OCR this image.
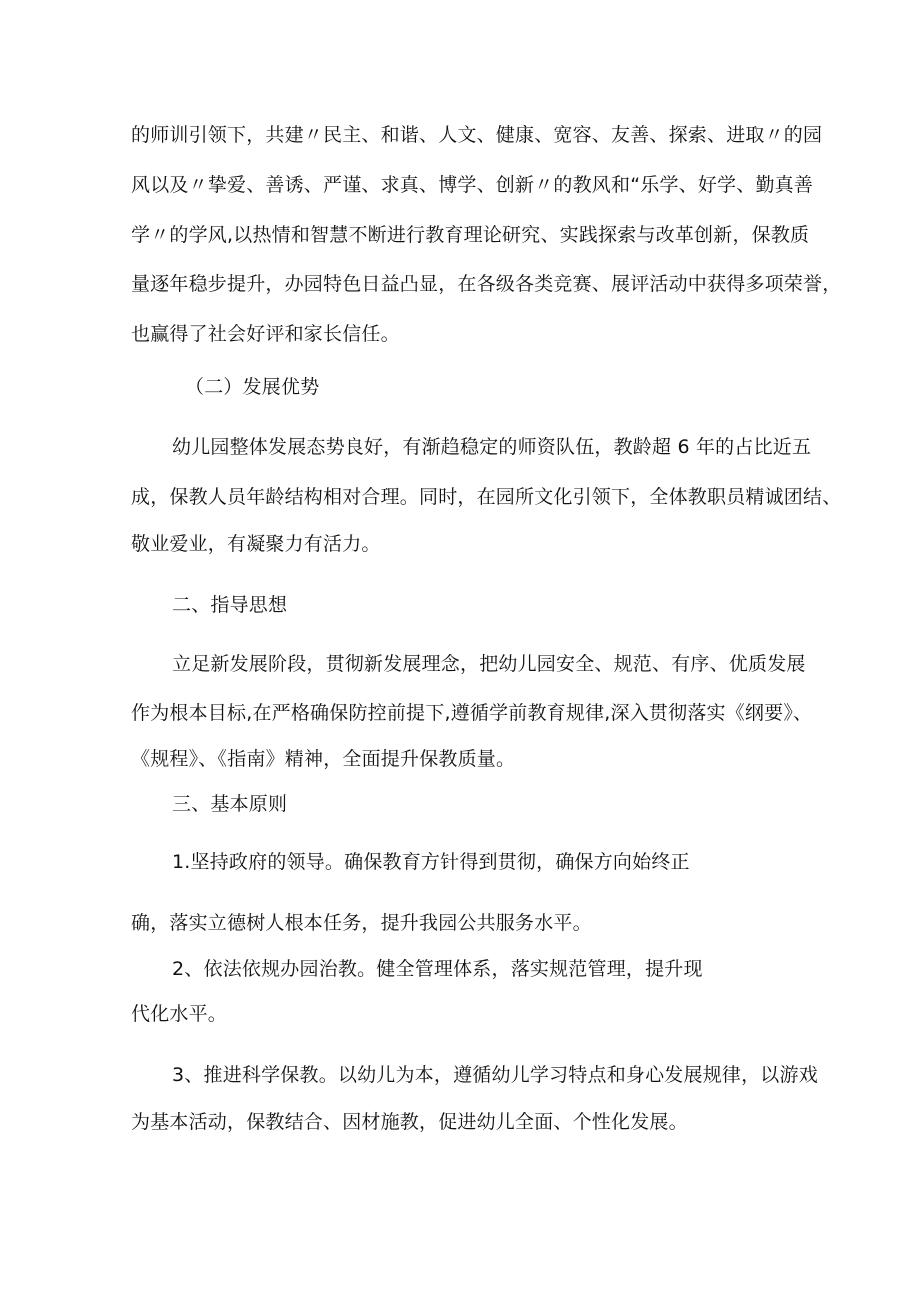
的师训引领下，共建〃民主、和谐、人文、健康、宽容、友善、探索、进取〃的园
风以及〃挚爱、善诱、严谨、求真、博学、创新〃的教风和“乐学、好学、勤真善
学〃的学风,以热情和智慧不断进行教育理论研究、实践探索与改革创新，保教质
量逐年稳步提升，办园特色日益凸显，在各级各类竞赛、展评活动中获得多项荣誉，
也赢得了社会好评和家长信任。
（二）发展优势
幼儿园整体发展态势良好，有渐趋稳定的师资队伍，教龄超 6 年的占比近五
成，保教人员年龄结构相对合理。同时，在园所文化引领下，全体教职员精诚团结、
敬业爱业，有凝聚力有活力。
二、指导思想
立足新发展阶段，贯彻新发展理念，把幼儿园安全、规范、有序、优质发展
作为根本目标,在严格确保防控前提下,遵循学前教育规律,深入贯彻落实《纲要》、
《规程》、《指南》精神，全面提升保教质量。
三、基本原则
1.坚持政府的领导。确保教育方针得到贯彻，确保方向始终正
确，落实立德树人根本任务，提升我园公共服务水平。
2、依法依规办园治教。健全管理体系，落实规范管理，提升现
代化水平。
3、推进科学保教。以幼儿为本，遵循幼儿学习特点和身心发展规律，以游戏
为基本活动，保教结合、因材施教，促进幼儿全面、个性化发展。
